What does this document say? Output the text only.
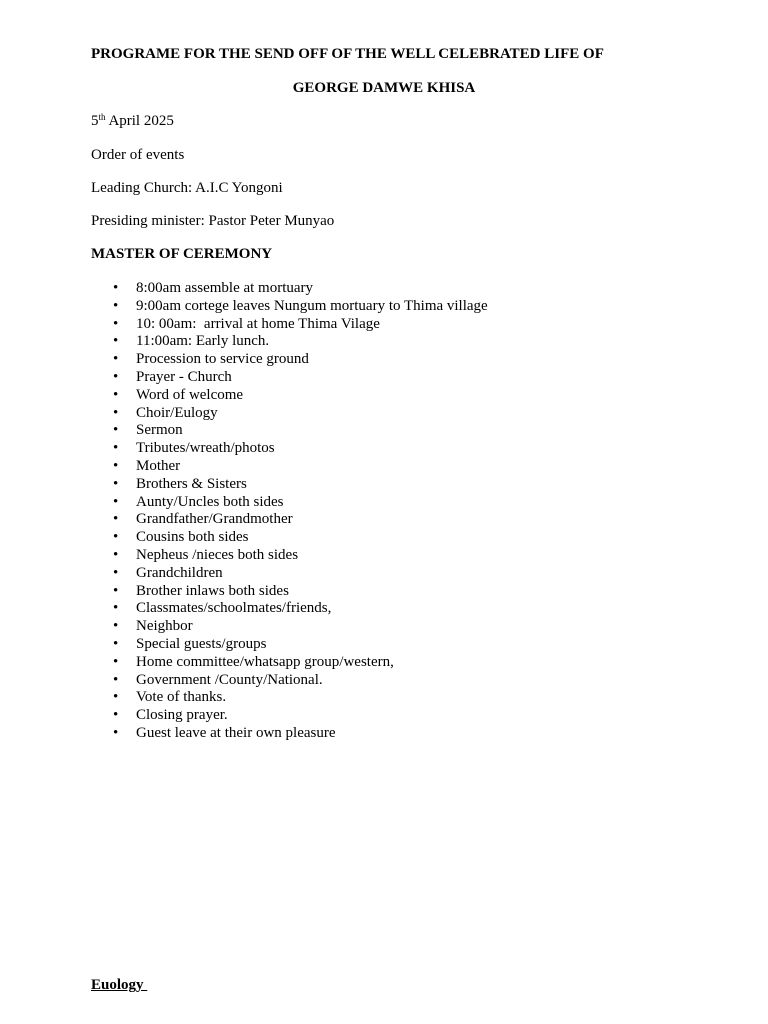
PROGRAME FOR THE SEND OFF OF THE WELL CELEBRATED LIFE OF
GEORGE DAMWE KHISA
5th April 2025
Order of events
Leading Church: A.I.C Yongoni
Presiding minister: Pastor Peter Munyao
MASTER OF CEREMONY
• 8:00am assemble at mortuary
• 9:00am cortege leaves Nungum mortuary to Thima village
• 10: 00am:  arrival at home Thima Vilage
• 11:00am: Early lunch.
• Procession to service ground
• Prayer - Church
• Word of welcome
• Choir/Eulogy
• Sermon
• Tributes/wreath/photos
• Mother
• Brothers & Sisters
• Aunty/Uncles both sides
• Grandfather/Grandmother
• Cousins both sides
• Nepheus /nieces both sides
• Grandchildren
• Brother inlaws both sides
• Classmates/schoolmates/friends,
• Neighbor
• Special guests/groups
• Home committee/whatsapp group/western,
• Government /County/National.
• Vote of thanks.
• Closing prayer.
• Guest leave at their own pleasure
Euology
